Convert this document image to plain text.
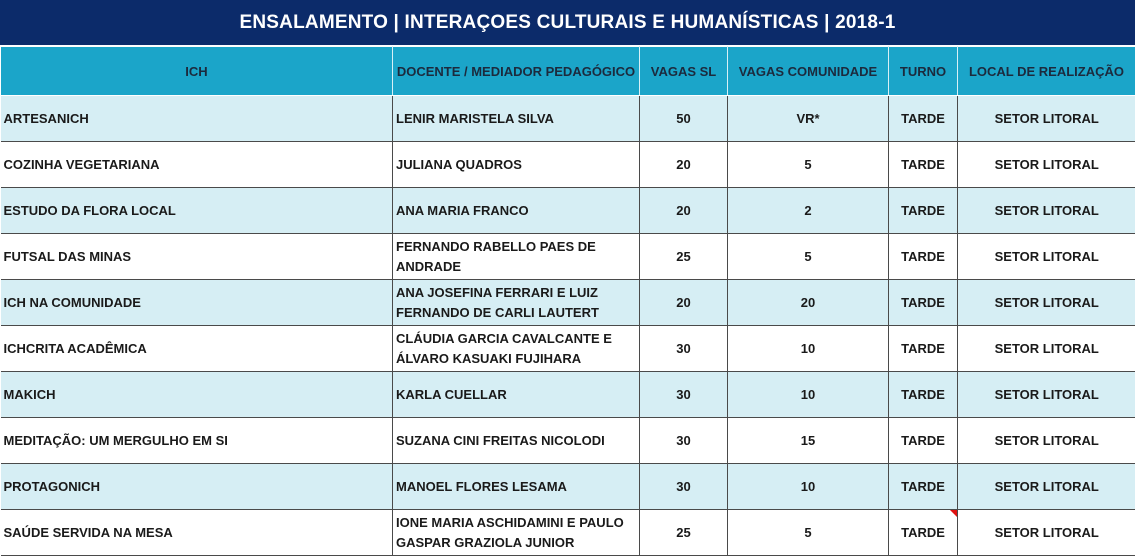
ENSALAMENTO | INTERAÇOES CULTURAIS E HUMANÍSTICAS | 2018-1
ICH	DOCENTE / MEDIADOR PEDAGÓGICO	VAGAS SL	VAGAS COMUNIDADE	TURNO	LOCAL DE REALIZAÇÃO
ARTESANICH	LENIR MARISTELA SILVA	50	VR*	TARDE	SETOR LITORAL
COZINHA VEGETARIANA	JULIANA QUADROS	20	5	TARDE	SETOR LITORAL
ESTUDO DA FLORA LOCAL	ANA MARIA FRANCO	20	2	TARDE	SETOR LITORAL
FUTSAL DAS MINAS	FERNANDO RABELLO PAES DE ANDRADE	25	5	TARDE	SETOR LITORAL
ICH NA COMUNIDADE	ANA JOSEFINA FERRARI E LUIZ FERNANDO DE CARLI LAUTERT	20	20	TARDE	SETOR LITORAL
ICHCRITA ACADÊMICA	CLÁUDIA GARCIA CAVALCANTE E ÁLVARO KASUAKI FUJIHARA	30	10	TARDE	SETOR LITORAL
MAKICH	KARLA CUELLAR	30	10	TARDE	SETOR LITORAL
MEDITAÇÃO: UM MERGULHO EM SI	SUZANA CINI FREITAS NICOLODI	30	15	TARDE	SETOR LITORAL
PROTAGONICH	MANOEL FLORES LESAMA	30	10	TARDE	SETOR LITORAL
SAÚDE SERVIDA NA MESA	IONE MARIA ASCHIDAMINI E PAULO GASPAR GRAZIOLA JUNIOR	25	5	TARDE	SETOR LITORAL
